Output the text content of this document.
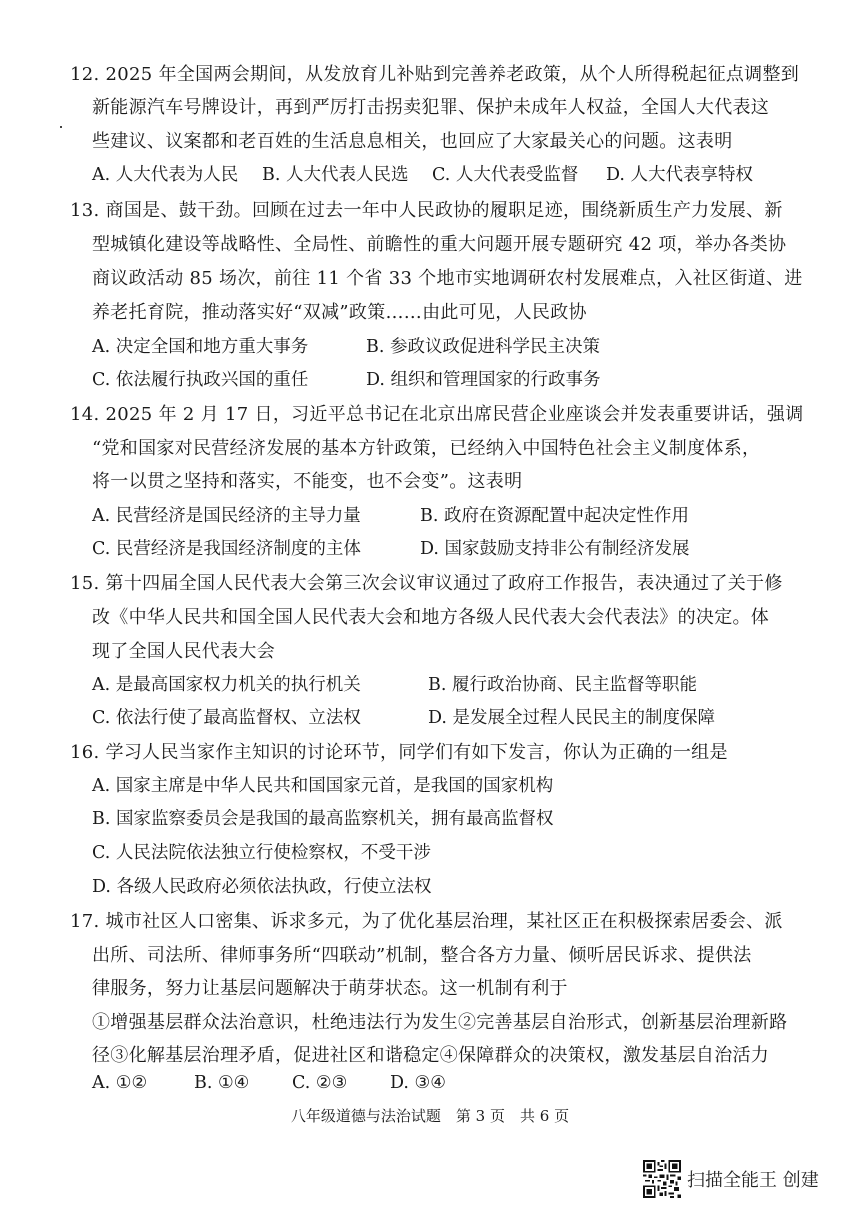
12. 2025 年全国两会期间，从发放育儿补贴到完善养老政策，从个人所得税起征点调整到
新能源汽车号牌设计，再到严厉打击拐卖犯罪、保护未成年人权益，全国人大代表这
些建议、议案都和老百姓的生活息息相关，也回应了大家最关心的问题。这表明
A. 人大代表为人民 B. 人大代表人民选 C. 人大代表受监督 D. 人大代表享特权
13. 商国是、鼓干劲。回顾在过去一年中人民政协的履职足迹，围绕新质生产力发展、新
型城镇化建设等战略性、全局性、前瞻性的重大问题开展专题研究 42 项，举办各类协
商议政活动 85 场次，前往 11 个省 33 个地市实地调研农村发展难点，入社区街道、进
养老托育院，推动落实好“双减”政策……由此可见，人民政协
A. 决定全国和地方重大事务	B. 参政议政促进科学民主决策
C. 依法履行执政兴国的重任	D. 组织和管理国家的行政事务
14. 2025 年 2 月 17 日，习近平总书记在北京出席民营企业座谈会并发表重要讲话，强调
“党和国家对民营经济发展的基本方针政策，已经纳入中国特色社会主义制度体系，
将一以贯之坚持和落实，不能变，也不会变”。这表明
A. 民营经济是国民经济的主导力量	B. 政府在资源配置中起决定性作用
C. 民营经济是我国经济制度的主体	D. 国家鼓励支持非公有制经济发展
15. 第十四届全国人民代表大会第三次会议审议通过了政府工作报告，表决通过了关于修
改《中华人民共和国全国人民代表大会和地方各级人民代表大会代表法》的决定。体
现了全国人民代表大会
A. 是最高国家权力机关的执行机关	B. 履行政治协商、民主监督等职能
C. 依法行使了最高监督权、立法权	D. 是发展全过程人民民主的制度保障
16. 学习人民当家作主知识的讨论环节，同学们有如下发言，你认为正确的一组是
A. 国家主席是中华人民共和国国家元首，是我国的国家机构
B. 国家监察委员会是我国的最高监察机关，拥有最高监督权
C. 人民法院依法独立行使检察权，不受干涉
D. 各级人民政府必须依法执政，行使立法权
17. 城市社区人口密集、诉求多元，为了优化基层治理，某社区正在积极探索居委会、派
出所、司法所、律师事务所“四联动”机制，整合各方力量、倾听居民诉求、提供法
律服务，努力让基层问题解决于萌芽状态。这一机制有利于
①增强基层群众法治意识，杜绝违法行为发生②完善基层自治形式，创新基层治理新路
径③化解基层治理矛盾，促进社区和谐稳定④保障群众的决策权，激发基层自治活力
A. ①②	B. ①④ C. ②③ D. ③④
八年级道德与法治试题　第 3 页　共 6 页
扫描全能王 创建
